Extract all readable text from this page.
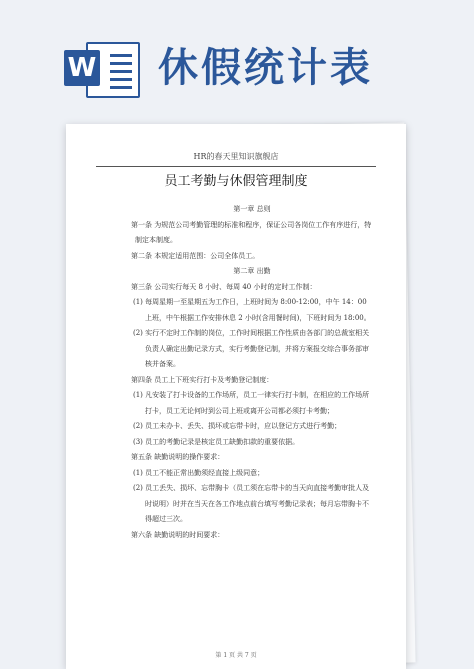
W 休假统计表
HR的春天里知识旗舰店
员工考勤与休假管理制度
第一章 总则
第一条 为规范公司考勤管理的标准和程序，保证公司各岗位工作有序进行，特制定本制度。
第二条 本规定适用范围：公司全体员工。
第二章 出勤
第三条 公司实行每天 8 小时、每周 40 小时的定时工作制：
(1) 每周星期一至星期五为工作日，上班时间为 8:00-12:00，中午 14：00 上班，中午根据工作安排休息 2 小时(含用餐时间)，下班时间为 18:00。
(2) 实行不定时工作制的岗位，工作时间根据工作性质由各部门的总裁室相关负责人确定出勤记录方式，实行考勤登记制，并将方案报交综合事务部审核并备案。
第四条 员工上下班实行打卡及考勤登记制度：
(1) 凡安装了打卡设备的工作场所，员工一律实行打卡制，在相应的工作场所打卡，员工无论何时到公司上班或离开公司都必须打卡考勤；
(2) 员工未办卡、丢失、损坏或忘带卡时，应以登记方式进行考勤；
(3) 员工的考勤记录是核定员工缺勤扣款的重要依据。
第五条 缺勤说明的操作要求：
(1) 员工不能正常出勤须经直接上级同意；
(2) 员工丢失、损坏、忘带胸卡（员工须在忘带卡的当天向直接考勤审批人及时说明）时并在当天在各工作地点前台填写考勤记录表；每月忘带胸卡不得超过三次。
第六条 缺勤说明的时间要求：
第 1 页 共 7 页
